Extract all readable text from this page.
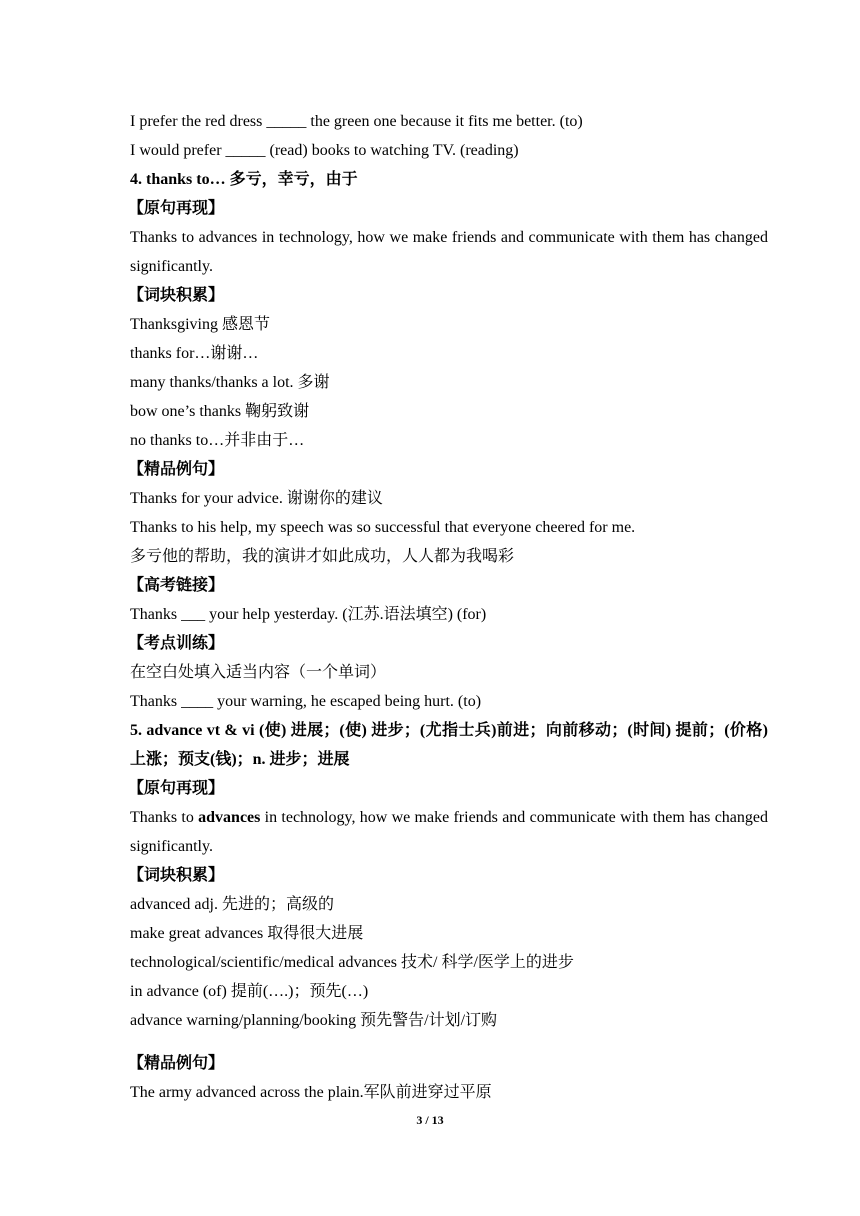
I prefer the red dress _____ the green one because it fits me better. (to)
I would prefer _____ (read) books to watching TV. (reading)
4. thanks to… 多亏，幸亏，由于
【原句再现】
Thanks to advances in technology, how we make friends and communicate with them has changed significantly.
【词块积累】
Thanksgiving 感恩节
thanks for…谢谢…
many thanks/thanks a lot. 多谢
bow one’s thanks 鞠躬致谢
no thanks to…并非由于…
【精品例句】
Thanks for your advice. 谢谢你的建议
Thanks to his help, my speech was so successful that everyone cheered for me.
多亏他的帮助，我的演讲才如此成功，人人都为我喝彩
【高考链接】
Thanks ___ your help yesterday. (江苏.语法填空) (for)
【考点训练】
在空白处填入适当内容（一个单词）
Thanks ____ your warning, he escaped being hurt. (to)
5. advance vt & vi (使) 进展；(使) 进步；(尤指士兵)前进；向前移动；(时间) 提前；(价格)上涨；预支(钱)；n. 进步；进展
【原句再现】
Thanks to advances in technology, how we make friends and communicate with them has changed significantly.
【词块积累】
advanced adj. 先进的；高级的
make great advances 取得很大进展
technological/scientific/medical advances 技术/ 科学/医学上的进步
in advance (of) 提前(….)；预先(…)
advance warning/planning/booking 预先警告/计划/订购
【精品例句】
The army advanced across the plain.军队前进穿过平原
3 / 13
